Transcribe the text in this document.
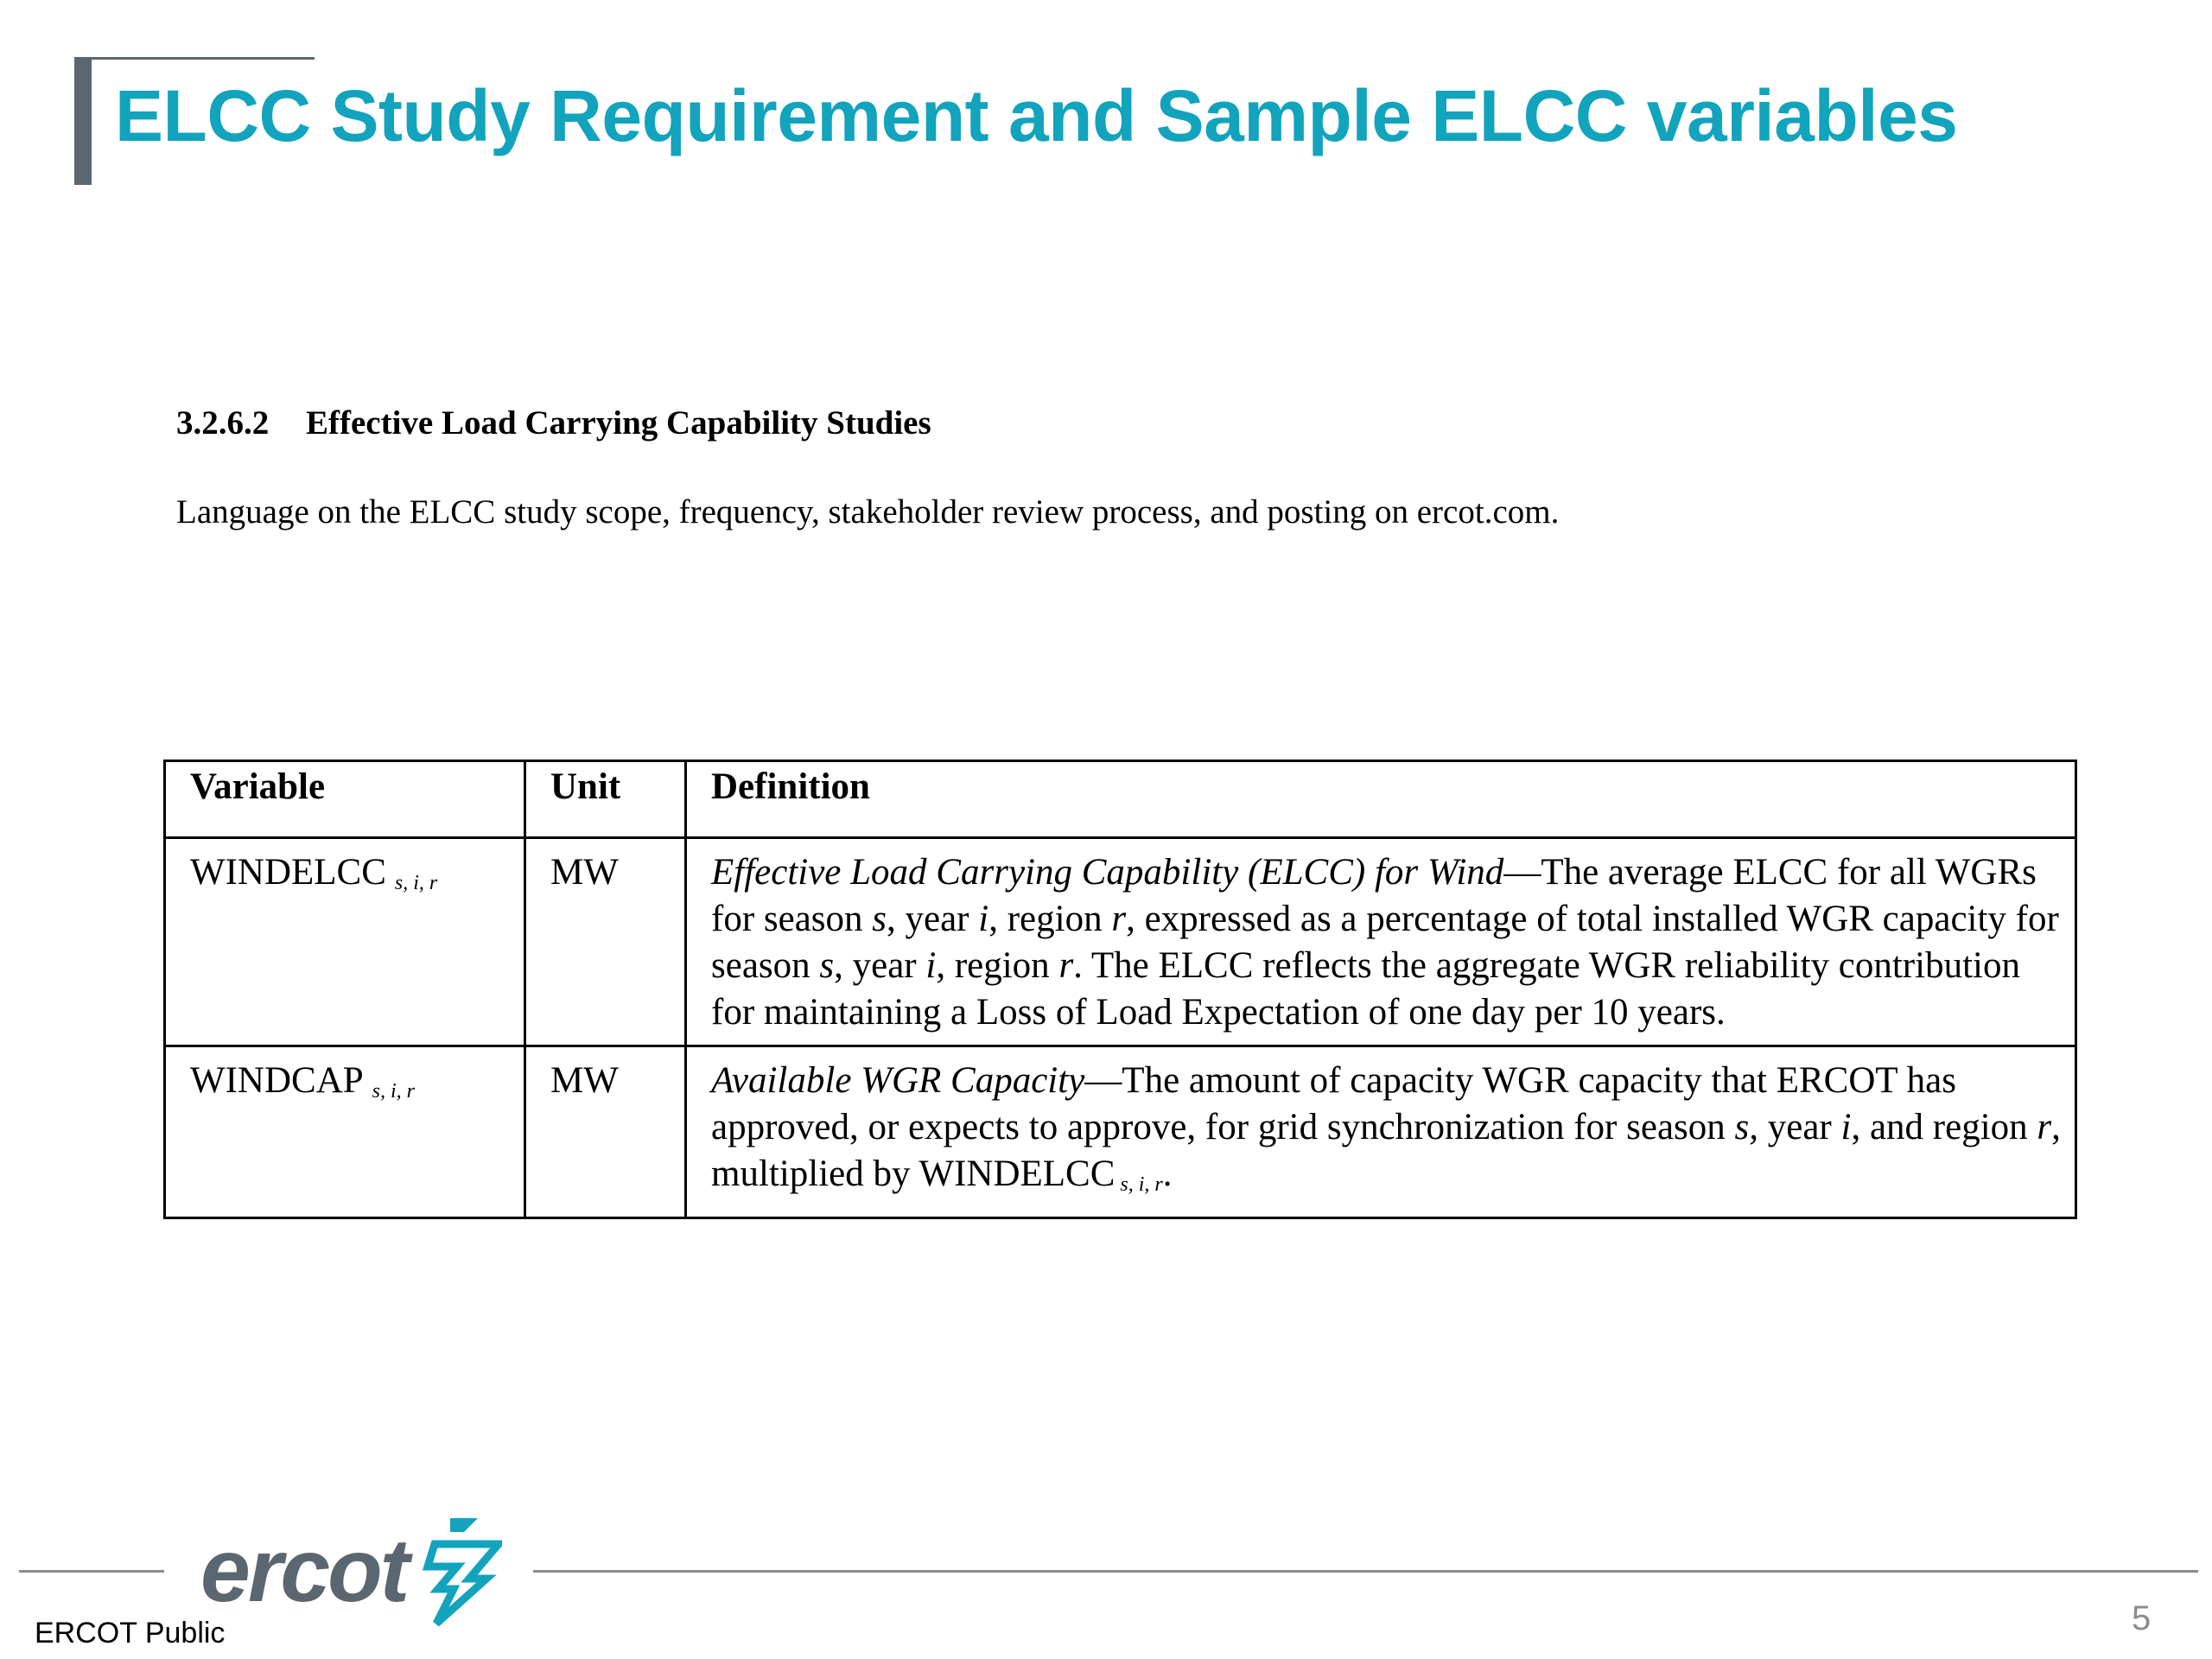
ELCC Study Requirement and Sample ELCC variables
3.2.6.2 Effective Load Carrying Capability Studies
Language on the ELCC study scope, frequency, stakeholder review process, and posting on ercot.com.
Variable	Unit	Definition
WINDELCC $_{s, i, r}$	MW	Effective Load Carrying Capability (ELCC) for Wind—The average ELCC for all WGRs for season s, year i, region r, expressed as a percentage of total installed WGR capacity for season s, year i, region r. The ELCC reflects the aggregate WGR reliability contribution for maintaining a Loss of Load Expectation of one day per 10 years.
WINDCAP $_{s, i, r}$	MW	Available WGR Capacity—The amount of capacity WGR capacity that ERCOT has approved, or expects to approve, for grid synchronization for season s, year i, and region r, multiplied by WINDELCC s, i, r.
ercot
ERCOT Public	5
